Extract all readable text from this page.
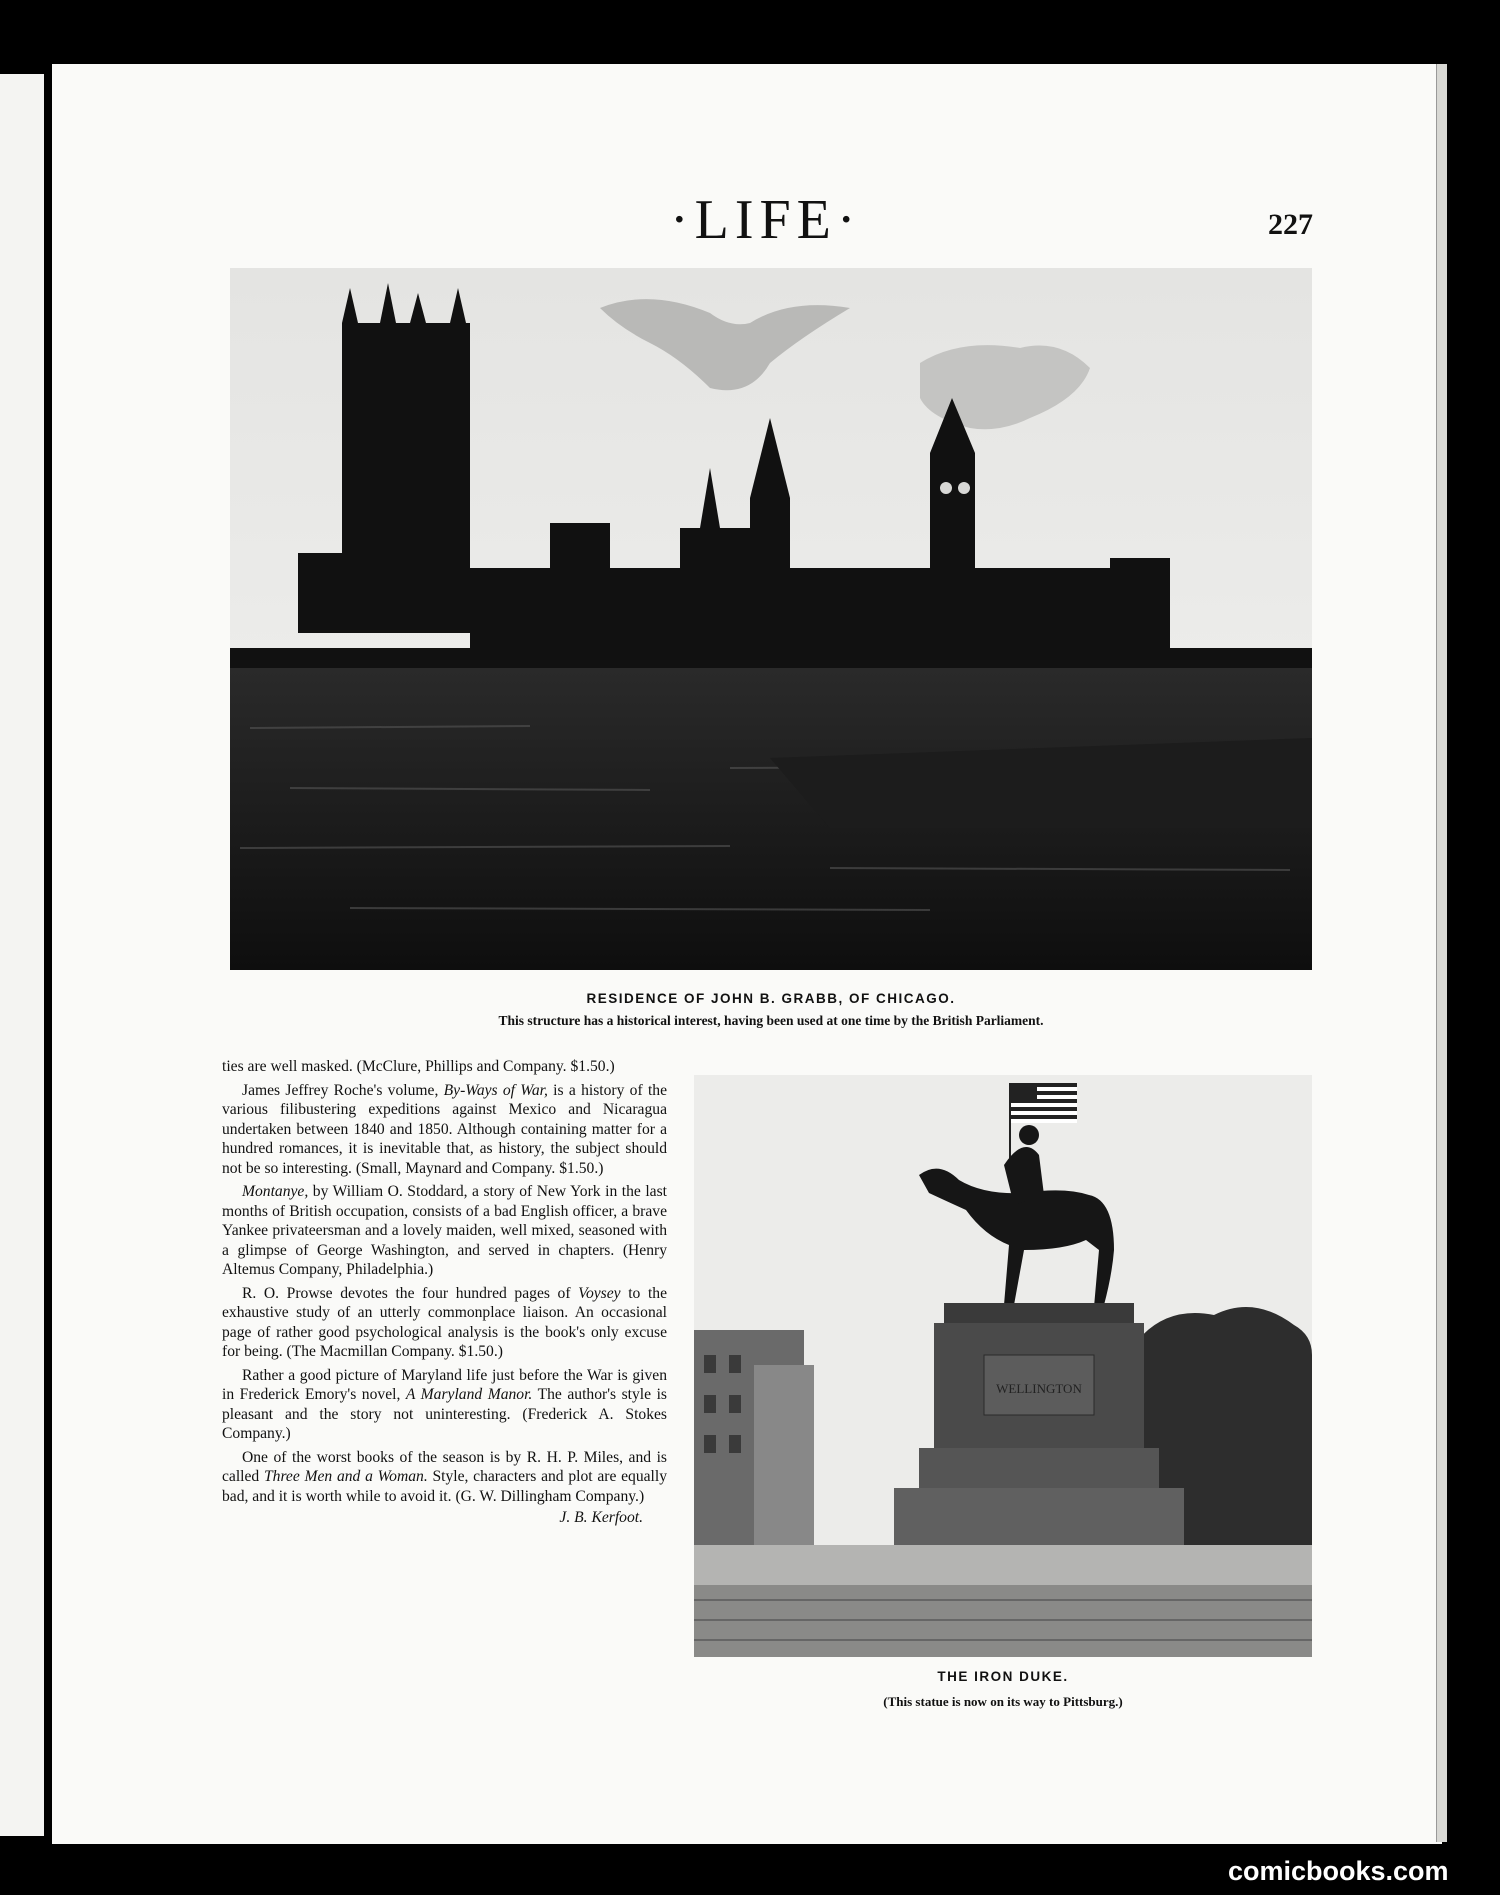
·LIFE·	227
RESIDENCE OF JOHN B. GRABB, OF CHICAGO.
This structure has a historical interest, having been used at one time by the British Parliament.

ties are well masked. (McClure, Phillips and Company. $1.50.)

James Jeffrey Roche's volume, By-Ways of War, is a history of the various filibustering expeditions against Mexico and Nicaragua undertaken between 1840 and 1850. Although containing matter for a hundred romances, it is inevitable that, as history, the subject should not be so interesting. (Small, Maynard and Company. $1.50.)

Montanye, by William O. Stoddard, a story of New York in the last months of British occupation, consists of a bad English officer, a brave Yankee privateersman and a lovely maiden, well mixed, seasoned with a glimpse of George Washington, and served in chapters. (Henry Altemus Company, Philadelphia.)

R. O. Prowse devotes the four hundred pages of Voysey to the exhaustive study of an utterly commonplace liaison. An occasional page of rather good psychological analysis is the book's only excuse for being. (The Macmillan Company. $1.50.)

Rather a good picture of Maryland life just before the War is given in Frederick Emory's novel, A Maryland Manor. The author's style is pleasant and the story not uninteresting. (Frederick A. Stokes Company.)

One of the worst books of the season is by R. H. P. Miles, and is called Three Men and a Woman. Style, characters and plot are equally bad, and it is worth while to avoid it. (G. W. Dillingham Company.)

J. B. Kerfoot.
WELLINGTON
THE IRON DUKE.
(This statue is now on its way to Pittsburg.)
comicbooks.com
